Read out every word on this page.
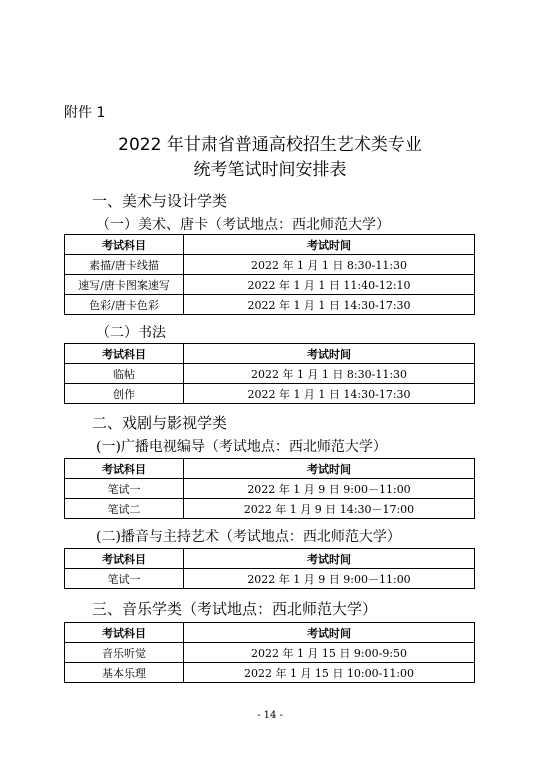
附件 1
2022 年甘肃省普通高校招生艺术类专业
统考笔试时间安排表
一、美术与设计学类
（一）美术、唐卡（考试地点：西北师范大学）
考试科目	考试时间
素描/唐卡线描	2022 年 1 月 1 日 8:30-11:30
速写/唐卡图案速写	2022 年 1 月 1 日 11:40-12:10
色彩/唐卡色彩	2022 年 1 月 1 日 14:30-17:30
（二）书法
考试科目	考试时间
临帖	2022 年 1 月 1 日 8:30-11:30
创作	2022 年 1 月 1 日 14:30-17:30
二、戏剧与影视学类
(一)广播电视编导（考试地点：西北师范大学）
考试科目	考试时间
笔试一	2022 年 1 月 9 日 9:00－11:00
笔试二	2022 年 1 月 9 日 14:30－17:00
(二)播音与主持艺术（考试地点：西北师范大学）
考试科目	考试时间
笔试一	2022 年 1 月 9 日 9:00－11:00
三、音乐学类（考试地点：西北师范大学）
考试科目	考试时间
音乐听觉	2022 年 1 月 15 日 9:00-9:50
基本乐理	2022 年 1 月 15 日 10:00-11:00
- 14 -
